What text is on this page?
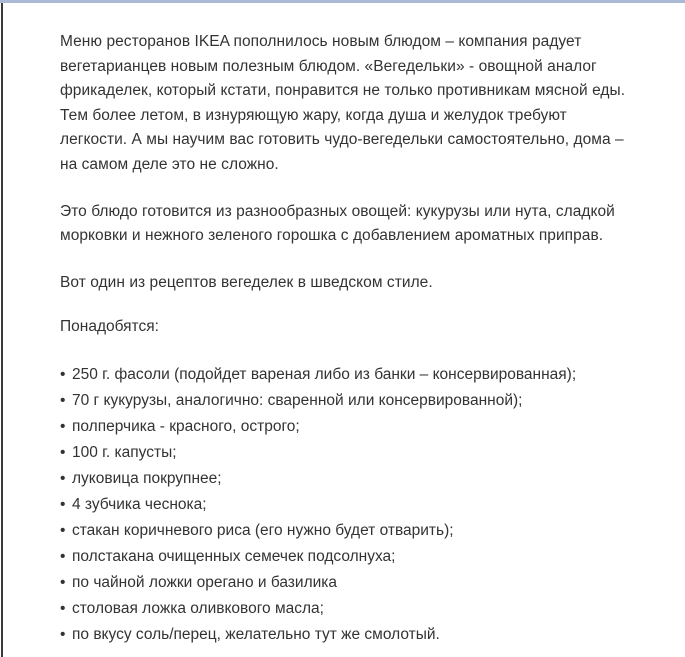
Меню ресторанов IKEA пополнилось новым блюдом – компания радует вегетарианцев новым полезным блюдом. «Вегедельки» - овощной аналог фрикаделек, который кстати, понравится не только противникам мясной еды. Тем более летом, в изнуряющую жару, когда душа и желудок требуют легкости. А мы научим вас готовить чудо-вегедельки самостоятельно, дома – на самом деле это не сложно.

Это блюдо готовится из разнообразных овощей: кукурузы или нута, сладкой морковки и нежного зеленого горошка с добавлением ароматных приправ.

Вот один из рецептов вегеделек в шведском стиле.

Понадобятся:

• 250 г. фасоли (подойдет вареная либо из банки – консервированная);
• 70 г кукурузы, аналогично: сваренной или консервированной);
• полперчика - красного, острого;
• 100 г. капусты;
• луковица покрупнее;
• 4 зубчика чеснока;
• стакан коричневого риса (его нужно будет отварить);
• полстакана очищенных семечек подсолнуха;
• по чайной ложки орегано и базилика
• столовая ложка оливкового масла;
• по вкусу соль/перец, желательно тут же смолотый.
